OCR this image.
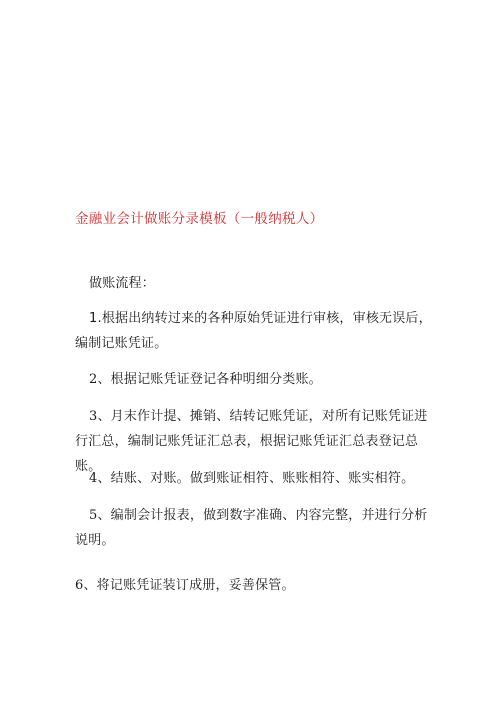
金融业会计做账分录模板（一般纳税人）
做账流程：
1.根据出纳转过来的各种原始凭证进行审核，审核无误后，编制记账凭证。
2、根据记账凭证登记各种明细分类账。
3、月末作计提、摊销、结转记账凭证，对所有记账凭证进行汇总，编制记账凭证汇总表，根据记账凭证汇总表登记总账。
4、结账、对账。做到账证相符、账账相符、账实相符。
5、编制会计报表，做到数字准确、内容完整，并进行分析说明。
6、将记账凭证装订成册，妥善保管。
